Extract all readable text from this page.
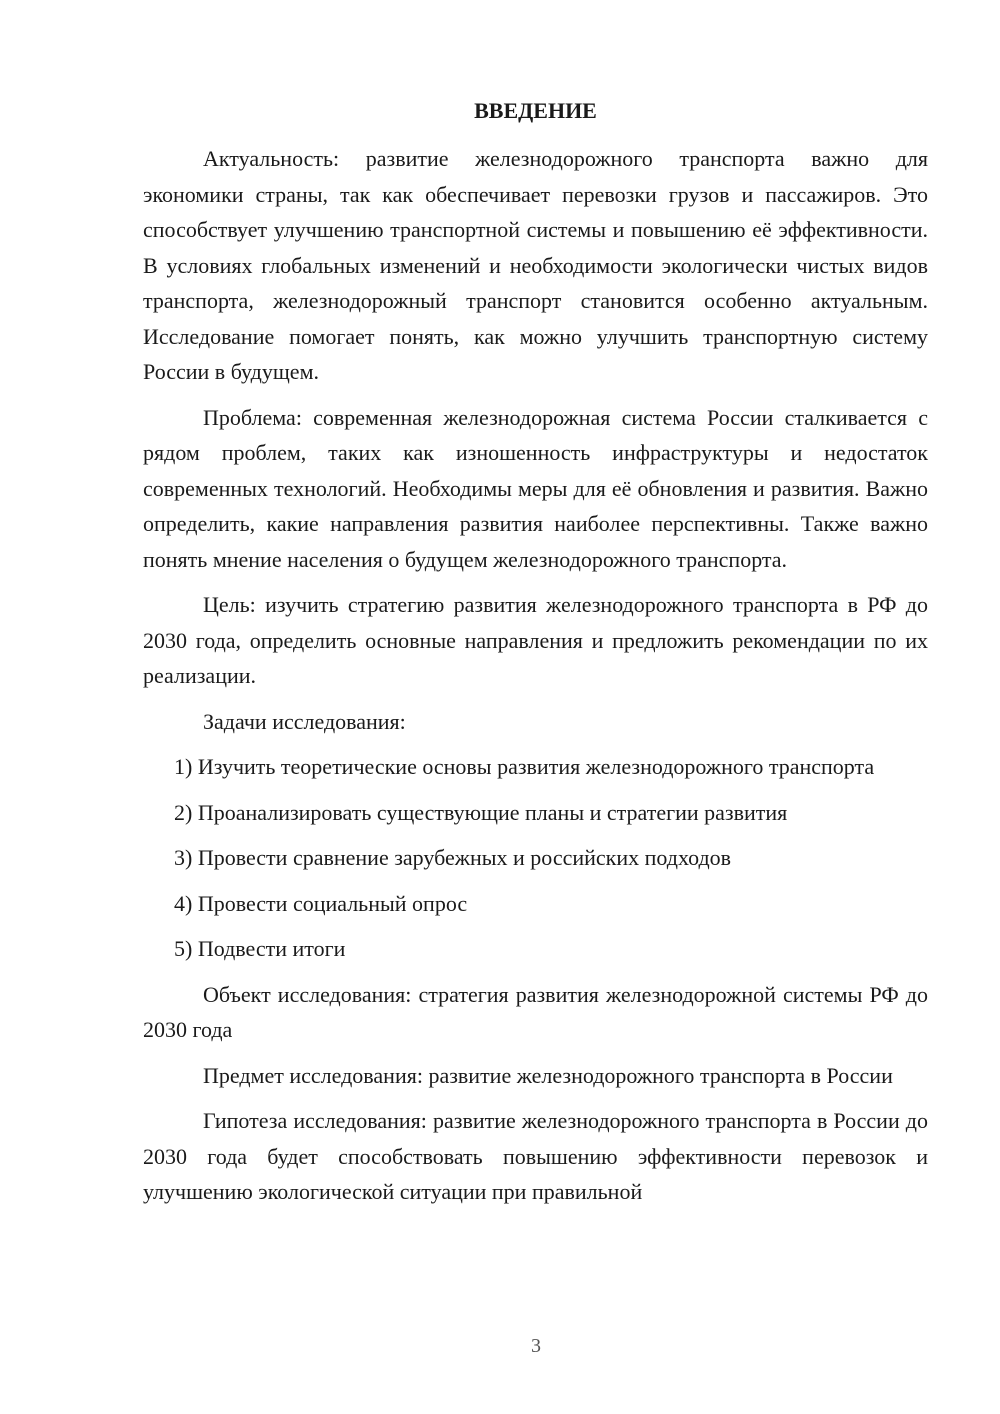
ВВЕДЕНИЕ

Актуальность: развитие железнодорожного транспорта важно для экономики страны, так как обеспечивает перевозки грузов и пассажиров. Это способствует улучшению транспортной системы и повышению её эффективности. В условиях глобальных изменений и необходимости экологически чистых видов транспорта, железнодорожный транспорт становится особенно актуальным. Исследование помогает понять, как можно улучшить транспортную систему России в будущем.

Проблема: современная железнодорожная система России сталкивается с рядом проблем, таких как изношенность инфраструктуры и недостаток современных технологий. Необходимы меры для её обновления и развития. Важно определить, какие направления развития наиболее перспективны. Также важно понять мнение населения о будущем железнодорожного транспорта.

Цель: изучить стратегию развития железнодорожного транспорта в РФ до 2030 года, определить основные направления и предложить рекомендации по их реализации.

Задачи исследования:

1) Изучить теоретические основы развития железнодорожного транспорта

2) Проанализировать существующие планы и стратегии развития

3) Провести сравнение зарубежных и российских подходов

4) Провести социальный опрос

5) Подвести итоги

Объект исследования: стратегия развития железнодорожной системы РФ до 2030 года

Предмет исследования: развитие железнодорожного транспорта в России

Гипотеза исследования: развитие железнодорожного транспорта в России до 2030 года будет способствовать повышению эффективности перевозок и улучшению экологической ситуации при правильной

3
